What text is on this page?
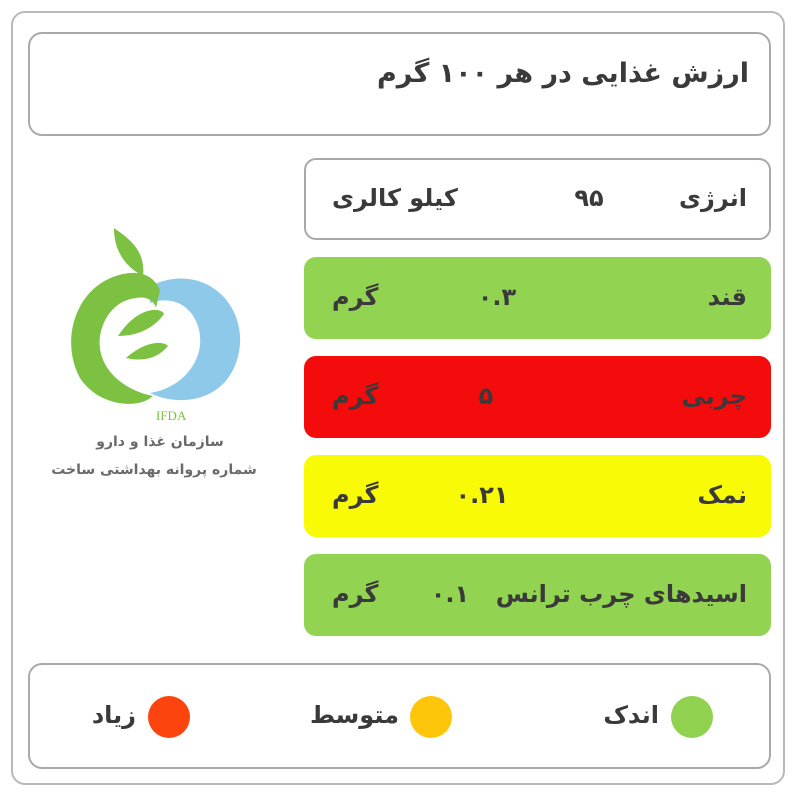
ارزش غذایی در هر ۱۰۰ گرم
IFDA
سازمان غذا و دارو
شماره پروانه بهداشتی ساخت
انرژی
۹۵
کیلو کالری
قند
۰.۳
گرم
چربی
۵
گرم
نمک
۰.۲۱
گرم
اسیدهای چرب ترانس
۰.۱
گرم
اندک
متوسط
زیاد
